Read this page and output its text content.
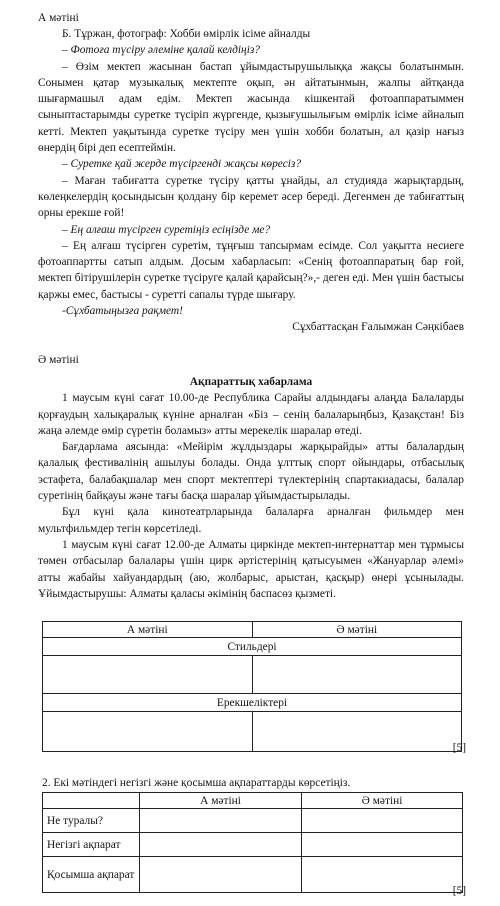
А мәтіні

Б. Тұржан, фотограф: Хобби өмірлік ісіме айналды

– Фотоға түсіру әлеміне қалай келдіңіз?

– Өзім мектеп жасынан бастап ұйымдастырушылыққа жақсы болатынмын. Сонымен қатар музыкалық мектепте оқып, ән айтатынмын, жалпы айтқанда шығармашыл адам едім. Мектеп жасында кішкентай фотоаппаратыммен сыныптастарымды суретке түсіріп жүргенде, қызығушылығым өмірлік ісіме айналып кетті. Мектеп уақытында суретке түсіру мен үшін хобби болатын, ал қазір нағыз өнердің бірі деп есептеймін.

– Суретке қай жерде түсіргенді жақсы көресіз?

– Маған табиғатта суретке түсіру қатты ұнайды, ал студияда жарықтардың, көлеңкелердің қосындысын қолдану бір керемет әсер береді. Дегенмен де табиғаттың орны ерекше ғой!

– Ең алғаш түсірген суретіңіз есіңізде ме?

– Ең алғаш түсірген суретім, тұңғыш тапсырмам есімде. Сол уақытта несиеге фотоаппартты сатып алдым. Досым хабарласып: «Сенің фотоаппаратың бар ғой, мектеп бітірушілерін суретке түсіруге қалай қарайсың?»,- деген еді. Мен үшін бастысы қаржы емес, бастысы - суретті сапалы түрде шығару.

-Сұхбатыңызға рақмет!

Сұхбаттасқан Ғалымжан Сәңкібаев

Ә мәтіні

Ақпараттық хабарлама

1 маусым күні сағат 10.00-де Республика Сарайы алдындағы алаңда Балаларды қорғаудың халықаралық күніне арналған «Біз – сенің балаларыңбыз, Қазақстан! Біз жаңа әлемде өмір сүретін боламыз» атты мерекелік шаралар өтеді.

Бағдарлама аясында: «Мейірім жұлдыздары жарқырайды» атты балалардың қалалық фестивалінің ашылуы болады. Онда ұлттық спорт ойындары, отбасылық эстафета, балабақшалар мен спорт мектептері түлектерінің спартакиадасы, балалар суретінің байқауы және тағы басқа шаралар ұйымдастырылады.

Бұл күні қала кинотеатрларында балаларға арналған фильмдер мен мультфильмдер тегін көрсетіледі.

1 маусым күні сағат 12.00-де Алматы циркінде мектеп-интернаттар мен тұрмысы төмен отбасылар балалары үшін цирк әртістерінің қатысуымен «Жануарлар әлемі» атты жабайы хайуандардың (аю, жолбарыс, арыстан, қасқыр) өнері ұсынылады. Ұйымдастырушы: Алматы қаласы әкімінің баспасөз қызметі.

А мәтіні	Ә мәтіні
Стильдері	

Ерекшеліктері	

[5]

2. Екі мәтіндегі негізгі және қосымша ақпараттарды көрсетіңіз.

	А мәтіні	Ә мәтіні
Не туралы?		
Негізгі ақпарат		
Қосымша ақпарат		
[5]
